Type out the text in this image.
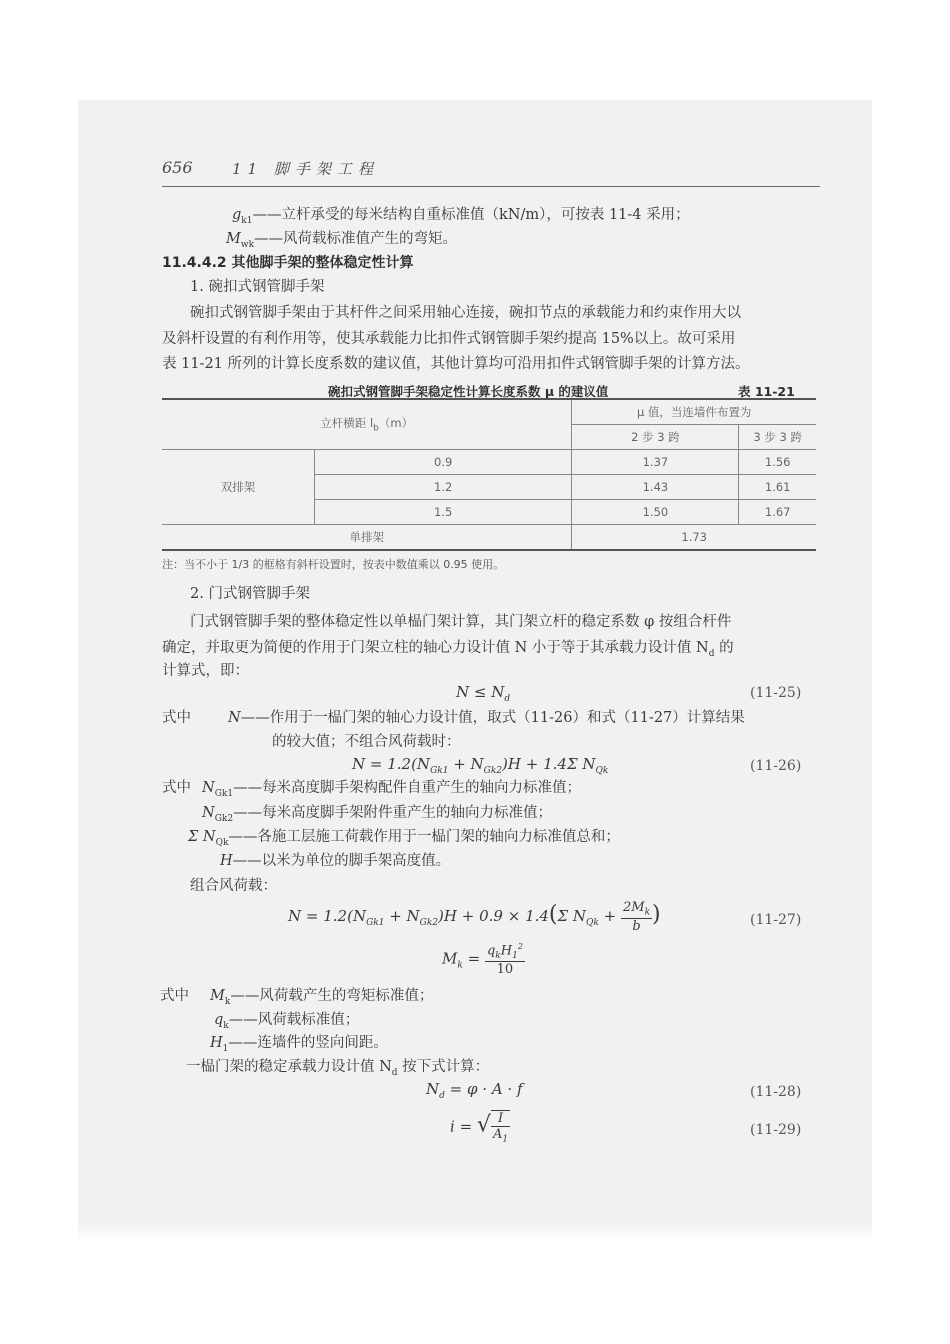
656	11 脚手架工程
$g_{k1}——$立杆承受的每米结构自重标准值（kN/m），可按表 11-4 采用；
$M_{wk}——$风荷载标准值产生的弯矩。
11.4.4.2 其他脚手架的整体稳定性计算
1. 碗扣式钢管脚手架
碗扣式钢管脚手架由于其杆件之间采用轴心连接，碗扣节点的承载能力和约束作用大以
及斜杆设置的有利作用等，使其承载能力比扣件式钢管脚手架约提高 15%以上。故可采用
表 11-21 所列的计算长度系数的建议值，其他计算均可沿用扣件式钢管脚手架的计算方法。
碗扣式钢管脚手架稳定性计算长度系数 μ 的建议值	表 11-21
立杆横距 $l_b(m)$		μ 值，当连墙件布置为	
		2 步 3 跨	3 步 3 跨
双排架	0.9	1.37	1.56
	1.2	1.43	1.61
	1.5	1.50	1.67
单排架		1.73	
注：当不小于 1/3 的框格有斜杆设置时，按表中数值乘以 0.95 使用。
2. 门式钢管脚手架
门式钢管脚手架的整体稳定性以单榀门架计算，其门架立杆的稳定系数 φ 按组合杆件
确定，并取更为简便的作用于门架立柱的轴心力设计值 N 小于等于其承载力设计值 $N_d$ 的
计算式，即：
$N \le N_d$	(11-25)
式中	N——作用于一榀门架的轴心力设计值，取式（11-26）和式（11-27）计算结果
的较大值；不组合风荷载时：
$N = 1.2(N_{Gk1} + N_{Gk2})H + 1.4\Sigma$ $N_{Qk}$	(11-26)
式中 $N_{Gk1}——$每米高度脚手架构配件自重产生的轴向力标准值；
$N_{Gk2}——$每米高度脚手架附件重产生的轴向力标准值；
Σ $N_{Qk}——$各施工层施工荷载作用于一榀门架的轴向力标准值总和；
H——以米为单位的脚手架高度值。
组合风荷载：
$N = 1.2(N_{Gk1} + N_{Gk2})H + 0.9 \times 1.4(\Sigma$ $N_{Qk} + \frac{2M_k}{b}$ )	(11-27)
$M_k = \frac{q_kH_1^2}{10}$
式中 $M_k——$风荷载产生的弯矩标准值；
$q_k——$风荷载标准值；
$H_1——$连墙件的竖向间距。
一榀门架的稳定承载力设计值 $N_d$ 按下式计算：
$N_d = \varphi \cdot A \cdot f$	(11-28)
i = √ $\frac{I}{A_1}$	(11-29)
